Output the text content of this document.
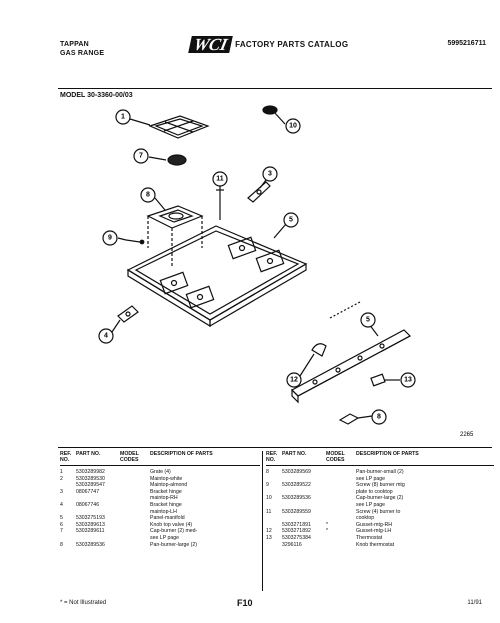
TAPPAN
GAS RANGE	WCI FACTORY PARTS CATALOG	5995216711
MODEL 30-3360-00/03
1
10
7
8
11
3
9
5
4
5
12	13
8
2265
REF. NO.
PART NO.	MODEL CODES
DESCRIPTION OF PARTS
1	5303289982	Grate (4)
2	5303289530	Maintop-white
5303289547	Maintop-almond
3	08067747	Bracket hinge
maintop-RH
4	08067746	Bracket hinge
maintop-LH
5	5303275193	Panel-manifold
6	5303289613	Knob top valve (4)
7	5303289611	Cap-burner (2) med-
see LP page
8	5303289536	Pan-burner-large (2)
REF. NO.
PART NO.	MODEL CODES
DESCRIPTION OF PARTS
8	5303289569	Pan-burner-small (2)
see LP page
9	5303289522	Screw (8) burner mtg
plate to cooktop
10	5303289536	Cap-burner-large (2)
see LP page
11	5303289559	Screw (4) burner to
cooktop
5303271891	*	Gusset-mtg-RH
12	5303271892	*	Gusset-mtg-LH
13	5303275384	Thermostat
3296116	Knob thermostat
* = Not Illustrated	F10	11/91
